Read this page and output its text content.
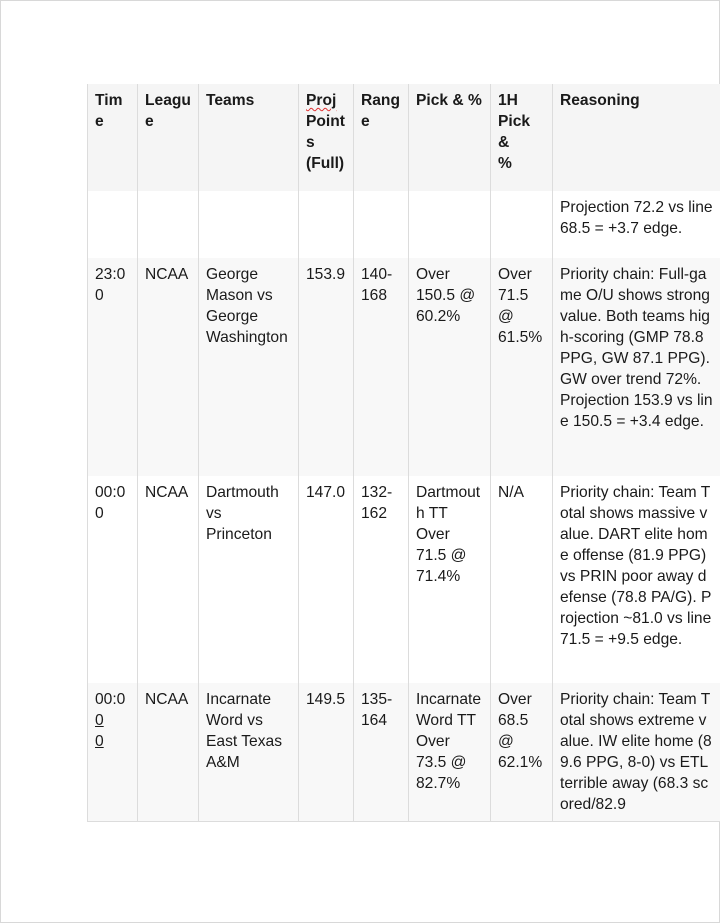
Tim
e	Leagu
e	Teams	Proj
Point
s
(Full)	Rang
e	Pick & %	1H
Pick &
%	Reasoning
							Projection 72.2 vs line
68.5 = +3.7 edge.
23:0
0	NCAA	George
Mason vs
George
Washington	153.9	140-
168	Over
150.5 @
60.2%	Over
71.5
@
61.5%	Priority chain: Full-game O/U shows strong value. Both teams high-scoring (GMP 78.8 PPG, GW 87.1 PPG). GW over trend 72%. Projection 153.9 vs line 150.5 = +3.4 edge.
00:0
0	NCAA	Dartmouth
vs
Princeton	147.0	132-
162	Dartmout
h TT
Over
71.5 @
71.4%	N/A	Priority chain: Team Total shows massive value. DART elite home offense (81.9 PPG) vs PRIN poor away defense (78.8 PA/G). Projection ~81.0 vs line 71.5 = +9.5 edge.
00:00
0	NCAA	Incarnate
Word vs
East Texas
A&M	149.5	135-
164	Incarnate
Word TT
Over
73.5 @
82.7%	Over
68.5
@
62.1%	Priority chain: Team Total shows extreme value. IW elite home (89.6 PPG, 8-0) vs ETL terrible away (68.3 scored/82.9
